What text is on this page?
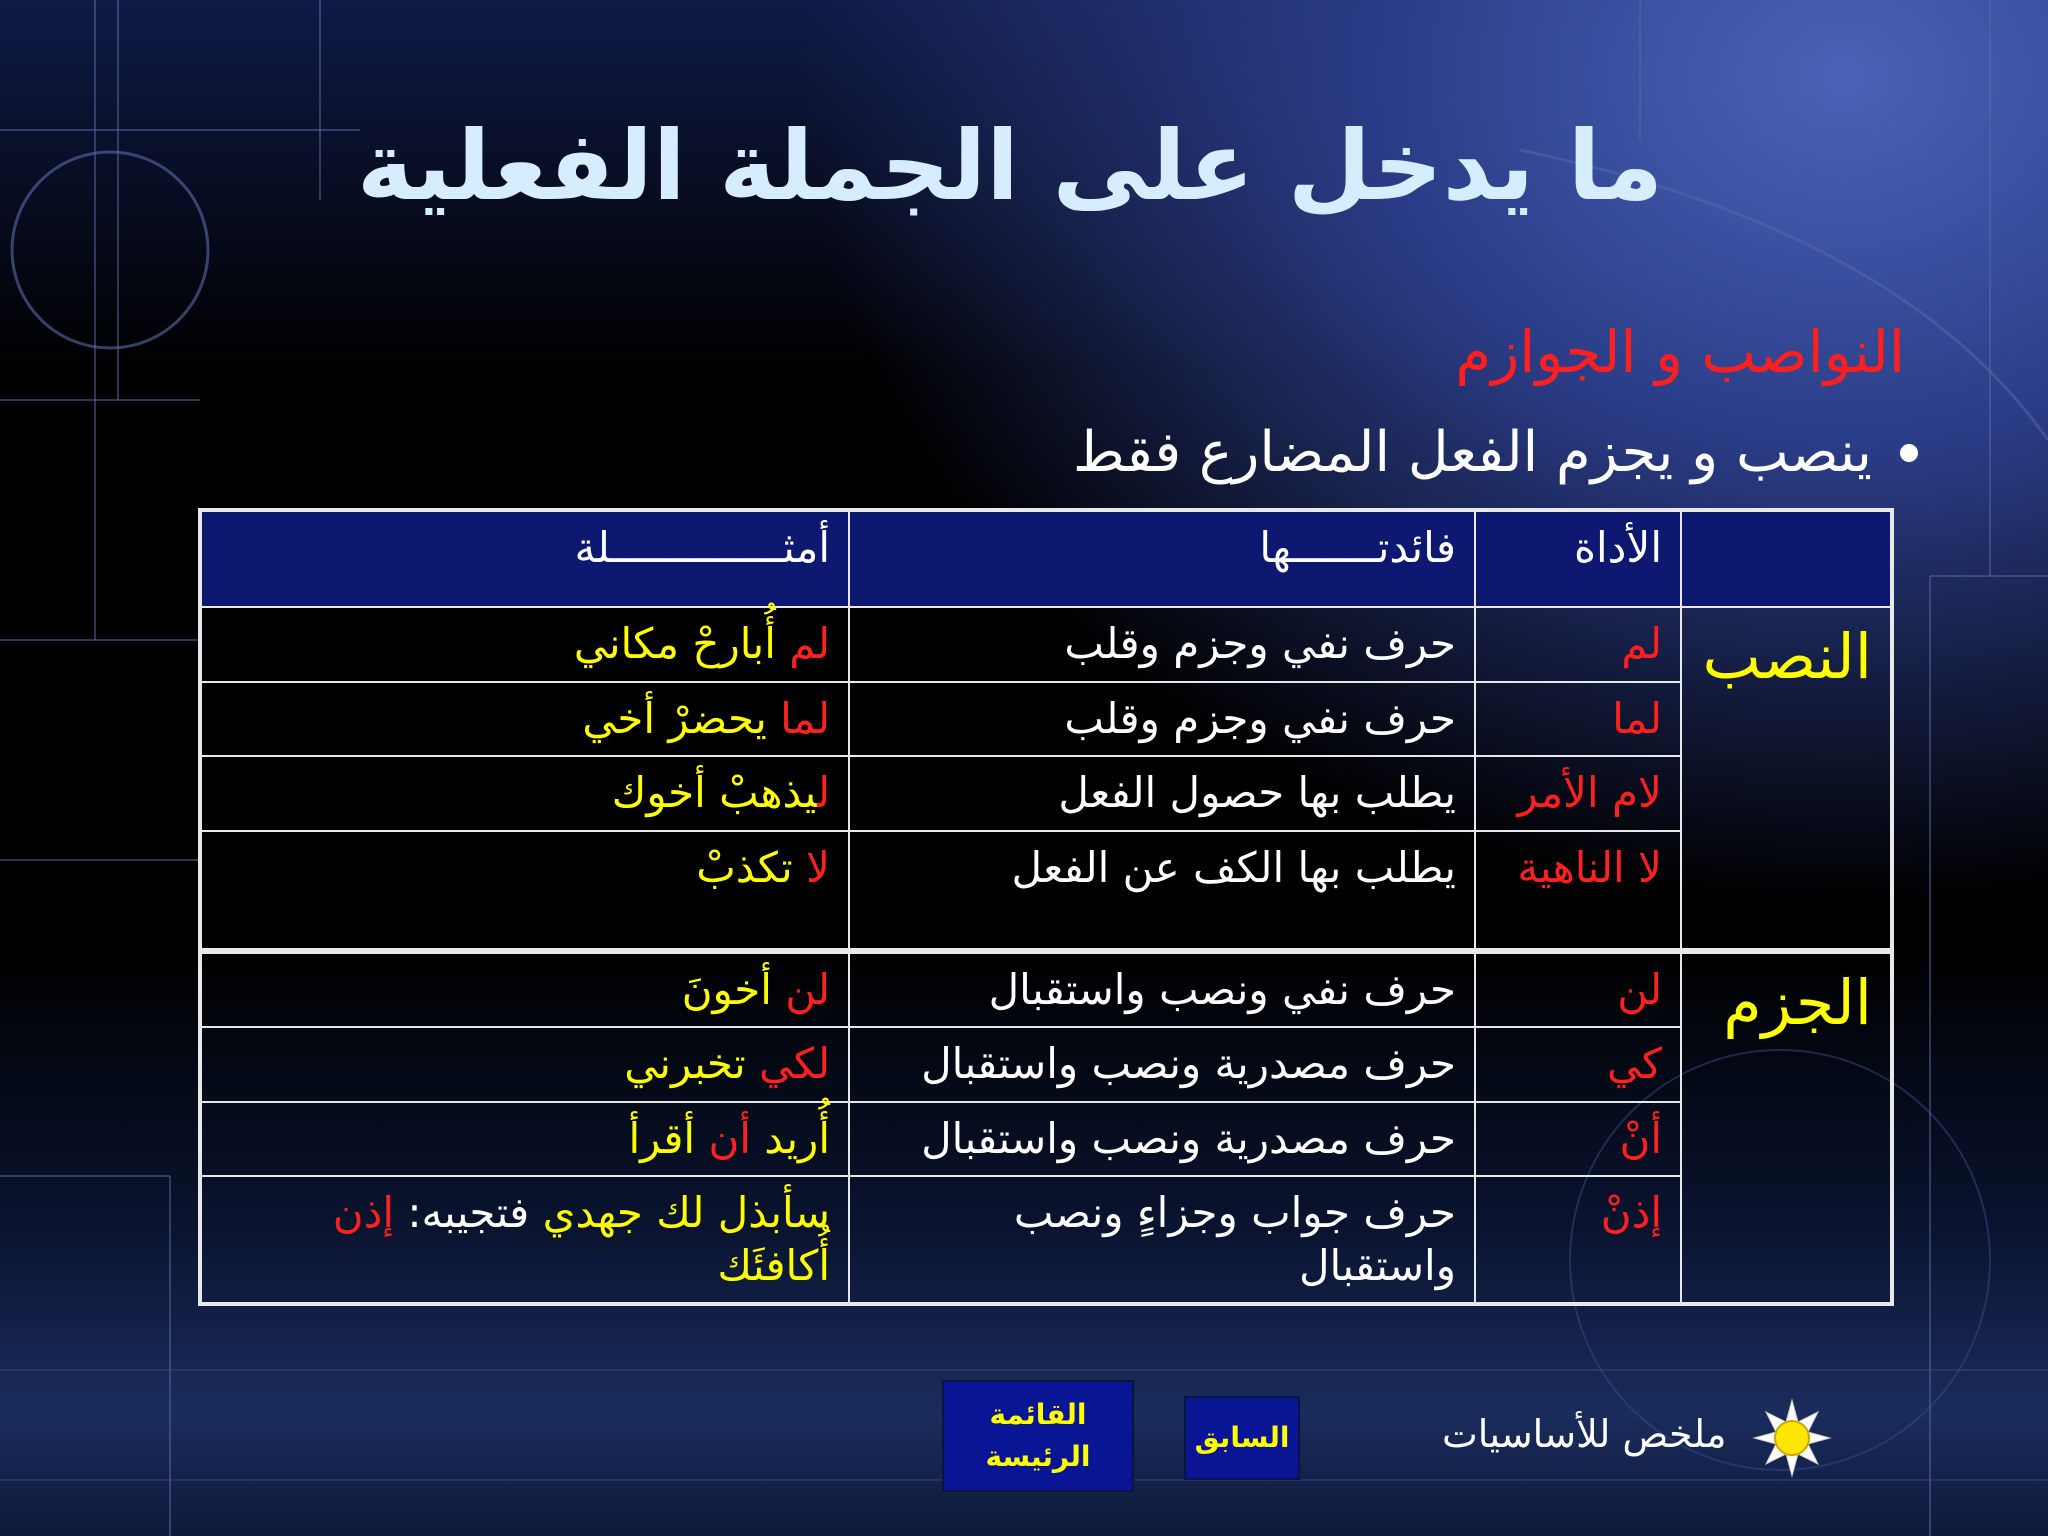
ما يدخل على الجملة الفعلية
النواصب و الجوازم
ينصب و يجزم الفعل المضارع فقط
	الأداة	فائدتـــــــها	أمثــــــــــــــلة
النصب	لم	حرف نفي وجزم وقلب	لم أُبارحْ مكاني
	لما	حرف نفي وجزم وقلب	لما يحضرْ أخي
	لام الأمر	يطلب بها حصول الفعل	ليذهبْ أخوك
	لا الناهية	يطلب بها الكف عن الفعل	لا تكذبْ
الجزم	لن	حرف نفي ونصب واستقبال	لن أخونَ
	كي	حرف مصدرية ونصب واستقبال	لكي تخبرني
	أنْ	حرف مصدرية ونصب واستقبال	أُريد أن أقرأ
	إذنْ	حرف جواب وجزاءٍ ونصب واستقبال	سأبذل لك جهدي فتجيبه: إذن أُكافئَك
القائمة الرئيسة
السابق	ملخص للأساسيات
